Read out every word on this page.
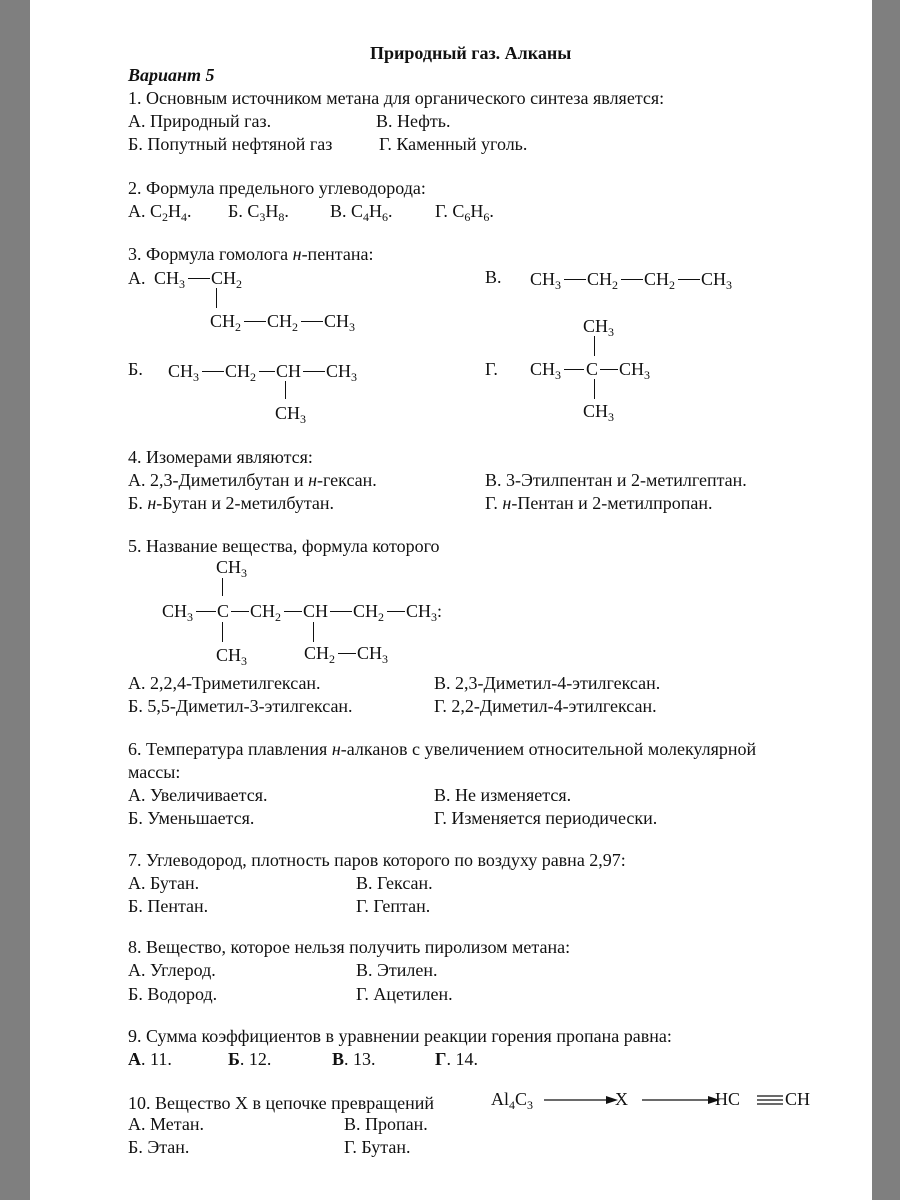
Природный газ. Алканы
Вариант 5
1. Основным источником метана для органического синтеза является:
А. Природный газ.	В. Нефть.
Б. Попутный нефтяной газ	Г. Каменный уголь.
2. Формула предельного углеводорода:
А. $C_2H_4$. Б. $C_3H_8$. В. $C_4H_6$. Г. $C_6H_6$.
3. Формула гомолога н-пентана:
А. $CH_3$ $CH_2$
$CH_2$ $CH_2$ $CH_3$
В. $CH_3$ $CH_2$ $CH_2$ $CH_3$
Б. $CH_3$ $CH_2$ CH $CH_3$
$CH_3$
Г.
$CH_3$
$CH_3$ C $CH_3$
$CH_3$
4. Изомерами являются:
А. 2,3-Диметилбутан и н-гексан.	В. 3-Этилпентан и 2-метилгептан.
Б. н-Бутан и 2-метилбутан.	Г. н-Пентан и 2-метилпропан.
5. Название вещества, формула которого
$CH_3$
$CH_3$ C $CH_2$ CH $CH_2$ $CH_3$:
$CH_3$	$CH_2$ $CH_3$
А. 2,2,4-Триметилгексан.	В. 2,3-Диметил-4-этилгексан.
Б. 5,5-Диметил-3-этилгексан.	Г. 2,2-Диметил-4-этилгексан.
6. Температура плавления н-алканов с увеличением относительной молекулярной
массы:
А. Увеличивается.	В. Не изменяется.
Б. Уменьшается.	Г. Изменяется периодически.
7. Углеводород, плотность паров которого по воздуху равна 2,97:
А. Бутан.	В. Гексан.
Б. Пентан.	Г. Гептан.
8. Вещество, которое нельзя получить пиролизом метана:
А. Углерод.	В. Этилен.
Б. Водород.	Г. Ацетилен.
9. Сумма коэффициентов в уравнении реакции горения пропана равна:
А. 11.	Б. 12.	В. 13.	Г. 14.
10. Вещество X в цепочке превращений	$Al_4C_3$	X	HC CH
А. Метан.	В. Пропан.
Б. Этан.	Г. Бутан.
